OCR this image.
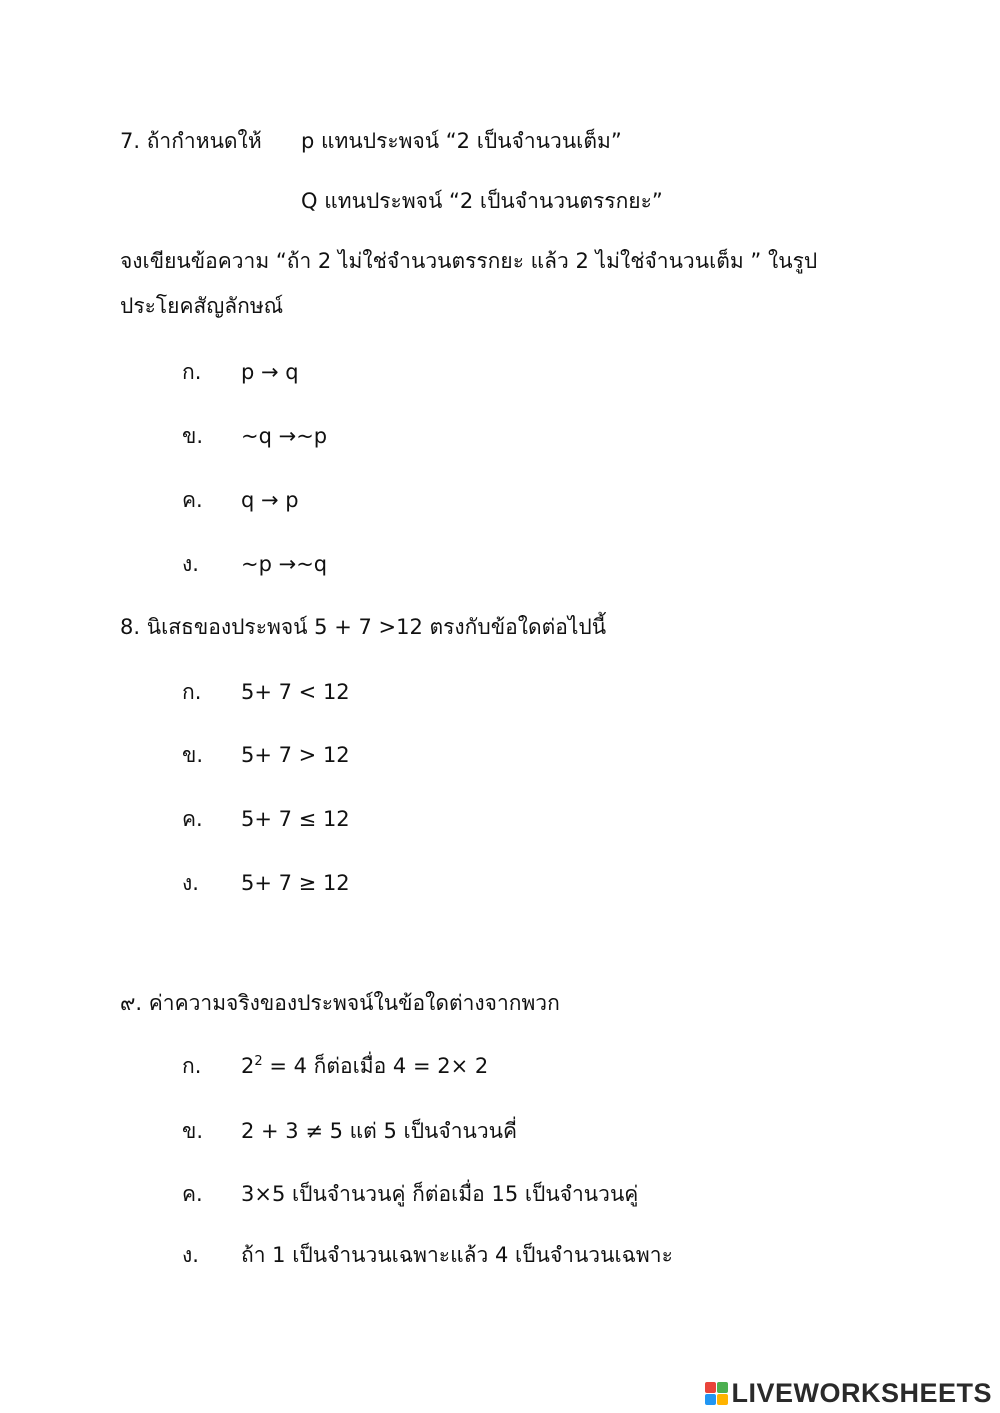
7. ถ้ากำหนดให้ p แทนประพจน์ “2 เป็นจำนวนเต็ม”
Q แทนประพจน์ “2 เป็นจำนวนตรรกยะ”
จงเขียนข้อความ “ถ้า 2 ไม่ใช่จำนวนตรรกยะ แล้ว 2 ไม่ใช่จำนวนเต็ม ” ในรูป
ประโยคสัญลักษณ์
ก. p → q
ข. ~q →~p
ค. q → p
ง. ~p →~q
8. นิเสธของประพจน์ 5 + 7 >12 ตรงกับข้อใดต่อไปนี้
ก. 5+ 7 < 12
ข. 5+ 7 > 12
ค. 5+ 7 ≤ 12
ง. 5+ 7 ≥ 12
๙. ค่าความจริงของประพจน์ในข้อใดต่างจากพวก
ก. $2^2 = 4$ ก็ต่อเมื่อ 4 = 2× 2
ข. 2 + 3 ≠ 5 แต่ 5 เป็นจำนวนคี่
ค. 3×5 เป็นจำนวนคู่ ก็ต่อเมื่อ 15 เป็นจำนวนคู่
ง. ถ้า 1 เป็นจำนวนเฉพาะแล้ว 4 เป็นจำนวนเฉพาะ
LIVEWORKSHEETS
